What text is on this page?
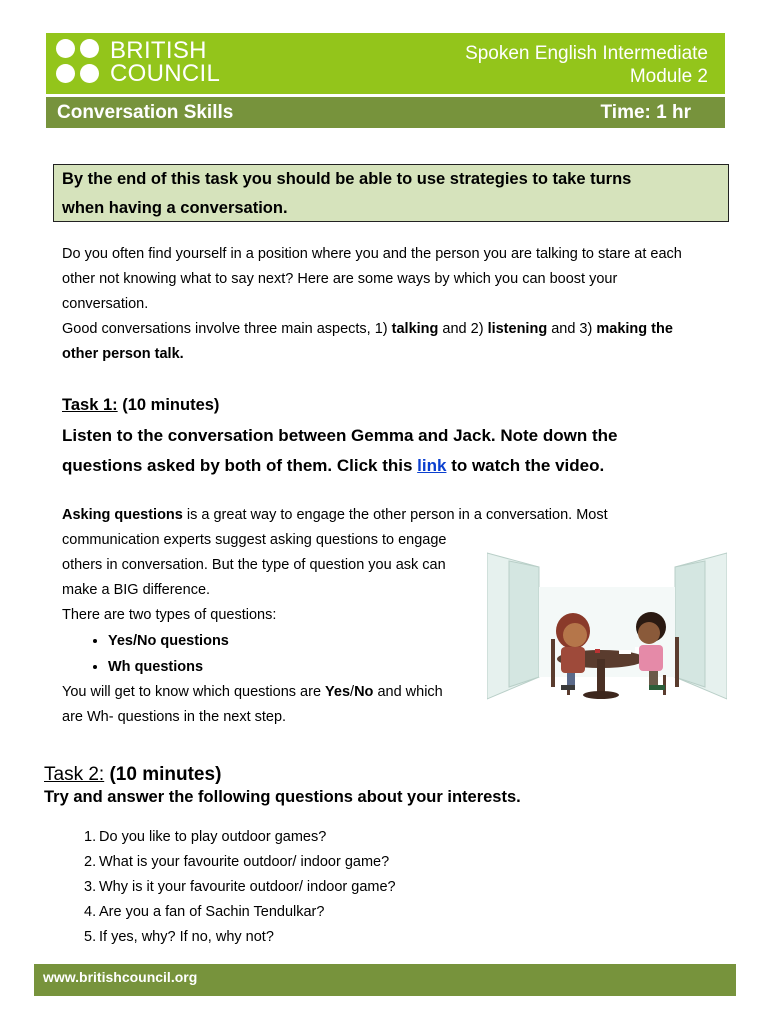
BRITISH
COUNCIL
Spoken English Intermediate
Module 2
Conversation Skills	Time: 1 hr

By the end of this task you should be able to use strategies to take turns

when having a conversation.

Do you often find yourself in a position where you and the person you are talking to stare at each

other not knowing what to say next? Here are some ways by which you can boost your

conversation.

Good conversations involve three main aspects, 1) talking and 2) listening and 3) making the

other person talk.

Task 1: (10 minutes)
Listen to the conversation between Gemma and Jack. Note down the
questions asked by both of them. Click this link to watch the video.
Asking questions is a great way to engage the other person in a conversation. Most
communication experts suggest asking questions to engage
others in conversation. But the type of question you ask can
make a BIG difference.
There are two types of questions:
• Yes/No questions
• Wh questions
You will get to know which questions are Yes/No and which
are Wh- questions in the next step.
Task 2: (10 minutes)
Try and answer the following questions about your interests.
1. Do you like to play outdoor games?
2. What is your favourite outdoor/ indoor game?
3. Why is it your favourite outdoor/ indoor game?
4. Are you a fan of Sachin Tendulkar?
5. If yes, why? If no, why not?
www.britishcouncil.org
